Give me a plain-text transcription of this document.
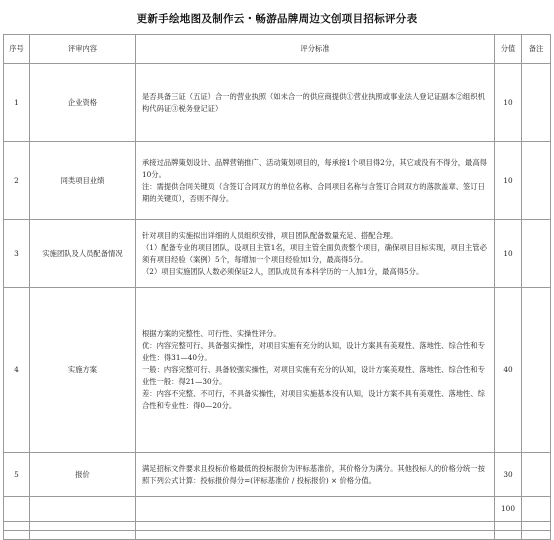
更新手绘地图及制作云・畅游品牌周边文创项目招标评分表
序号	评审内容	评分标准	分值	备注
1	企业资格	是否具备三证（五证）合一的营业执照（如未合一的供应商提供①营业执照或事业法人登记证副本②组织机构代码证③税务登记证）	10	
2	同类项目业绩	承接过品牌策划设计、品牌营销推广、活动策划项目的，每承接1个项目得2分，其它或没有不得分，最高得10分。
注：需提供合同关键页（含签订合同双方的单位名称、合同项目名称与含签订合同双方的落款盖章、签订日期的关键页），否则不得分。	10	
3	实施团队及人员配备情况	针对项目的实施拟出详细的人员组织安排，项目团队配备数量充足、搭配合理。
（1）配备专业的项目团队，设项目主管1名，项目主管全面负责整个项目，确保项目目标实现，项目主管必须有项目经验（案例）5个，每增加一个项目经验加1分，最高得5分。
（2）项目实施团队人数必须保证2人，团队成员有本科学历的一人加1分，最高得5分。	10	
4	实施方案	根据方案的完整性、可行性、实操性评分。
优：内容完整可行、具备强实操性，对项目实施有充分的认知，设计方案具有美观性、落地性、综合性和专业性：得31—40分。
一般：内容完整可行、具备较强实操性，对项目实施有充分的认知，设计方案美观性、落地性、综合性和专业性一般：得21—30分。
差：内容不完整、不可行，不具备实操性，对项目实施基本没有认知，设计方案不具有美观性、落地性、综合性和专业性：得0—20分。	40	
5	报价	满足招标文件要求且投标价格最低的投标报价为评标基准价，其价格分为满分。其他投标人的价格分统一按照下列公式计算：投标报价得分=(评标基准价 / 投标报价) × 价格分值。	30	
			100	
